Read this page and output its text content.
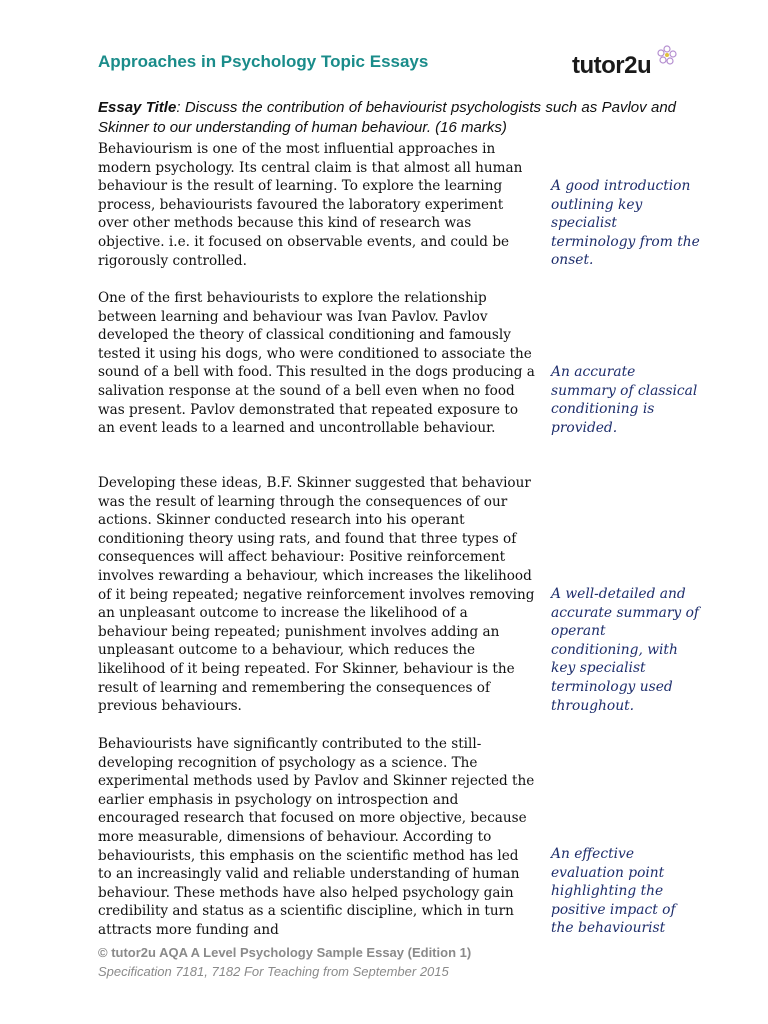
Approaches in Psychology Topic Essays	tutor2u
Essay Title: Discuss the contribution of behaviourist psychologists such as Pavlov and Skinner to our understanding of human behaviour. (16 marks)

Behaviourism is one of the most influential approaches in modern psychology. Its central claim is that almost all human behaviour is the result of learning. To explore the learning process, behaviourists favoured the laboratory experiment over other methods because this kind of research was objective. i.e. it focused on observable events, and could be rigorously controlled.

One of the first behaviourists to explore the relationship between learning and behaviour was Ivan Pavlov. Pavlov developed the theory of classical conditioning and famously tested it using his dogs, who were conditioned to associate the sound of a bell with food. This resulted in the dogs producing a salivation response at the sound of a bell even when no food was present. Pavlov demonstrated that repeated exposure to an event leads to a learned and uncontrollable behaviour.

Developing these ideas, B.F. Skinner suggested that behaviour was the result of learning through the consequences of our actions. Skinner conducted research into his operant conditioning theory using rats, and found that three types of consequences will affect behaviour: Positive reinforcement involves rewarding a behaviour, which increases the likelihood of it being repeated; negative reinforcement involves removing an unpleasant outcome to increase the likelihood of a behaviour being repeated; punishment involves adding an unpleasant outcome to a behaviour, which reduces the likelihood of it being repeated. For Skinner, behaviour is the result of learning and remembering the consequences of previous behaviours.

Behaviourists have significantly contributed to the still-developing recognition of psychology as a science. The experimental methods used by Pavlov and Skinner rejected the earlier emphasis in psychology on introspection and encouraged research that focused on more objective, because more measurable, dimensions of behaviour. According to behaviourists, this emphasis on the scientific method has led to an increasingly valid and reliable understanding of human behaviour. These methods have also helped psychology gain credibility and status as a scientific discipline, which in turn attracts more funding and

A good introduction outlining key specialist terminology from the onset.

An accurate summary of classical conditioning is provided.

A well-detailed and accurate summary of operant conditioning, with key specialist terminology used throughout.

An effective evaluation point highlighting the positive impact of the behaviourist

© tutor2u AQA A Level Psychology Sample Essay (Edition 1)
Specification 7181, 7182 For Teaching from September 2015
